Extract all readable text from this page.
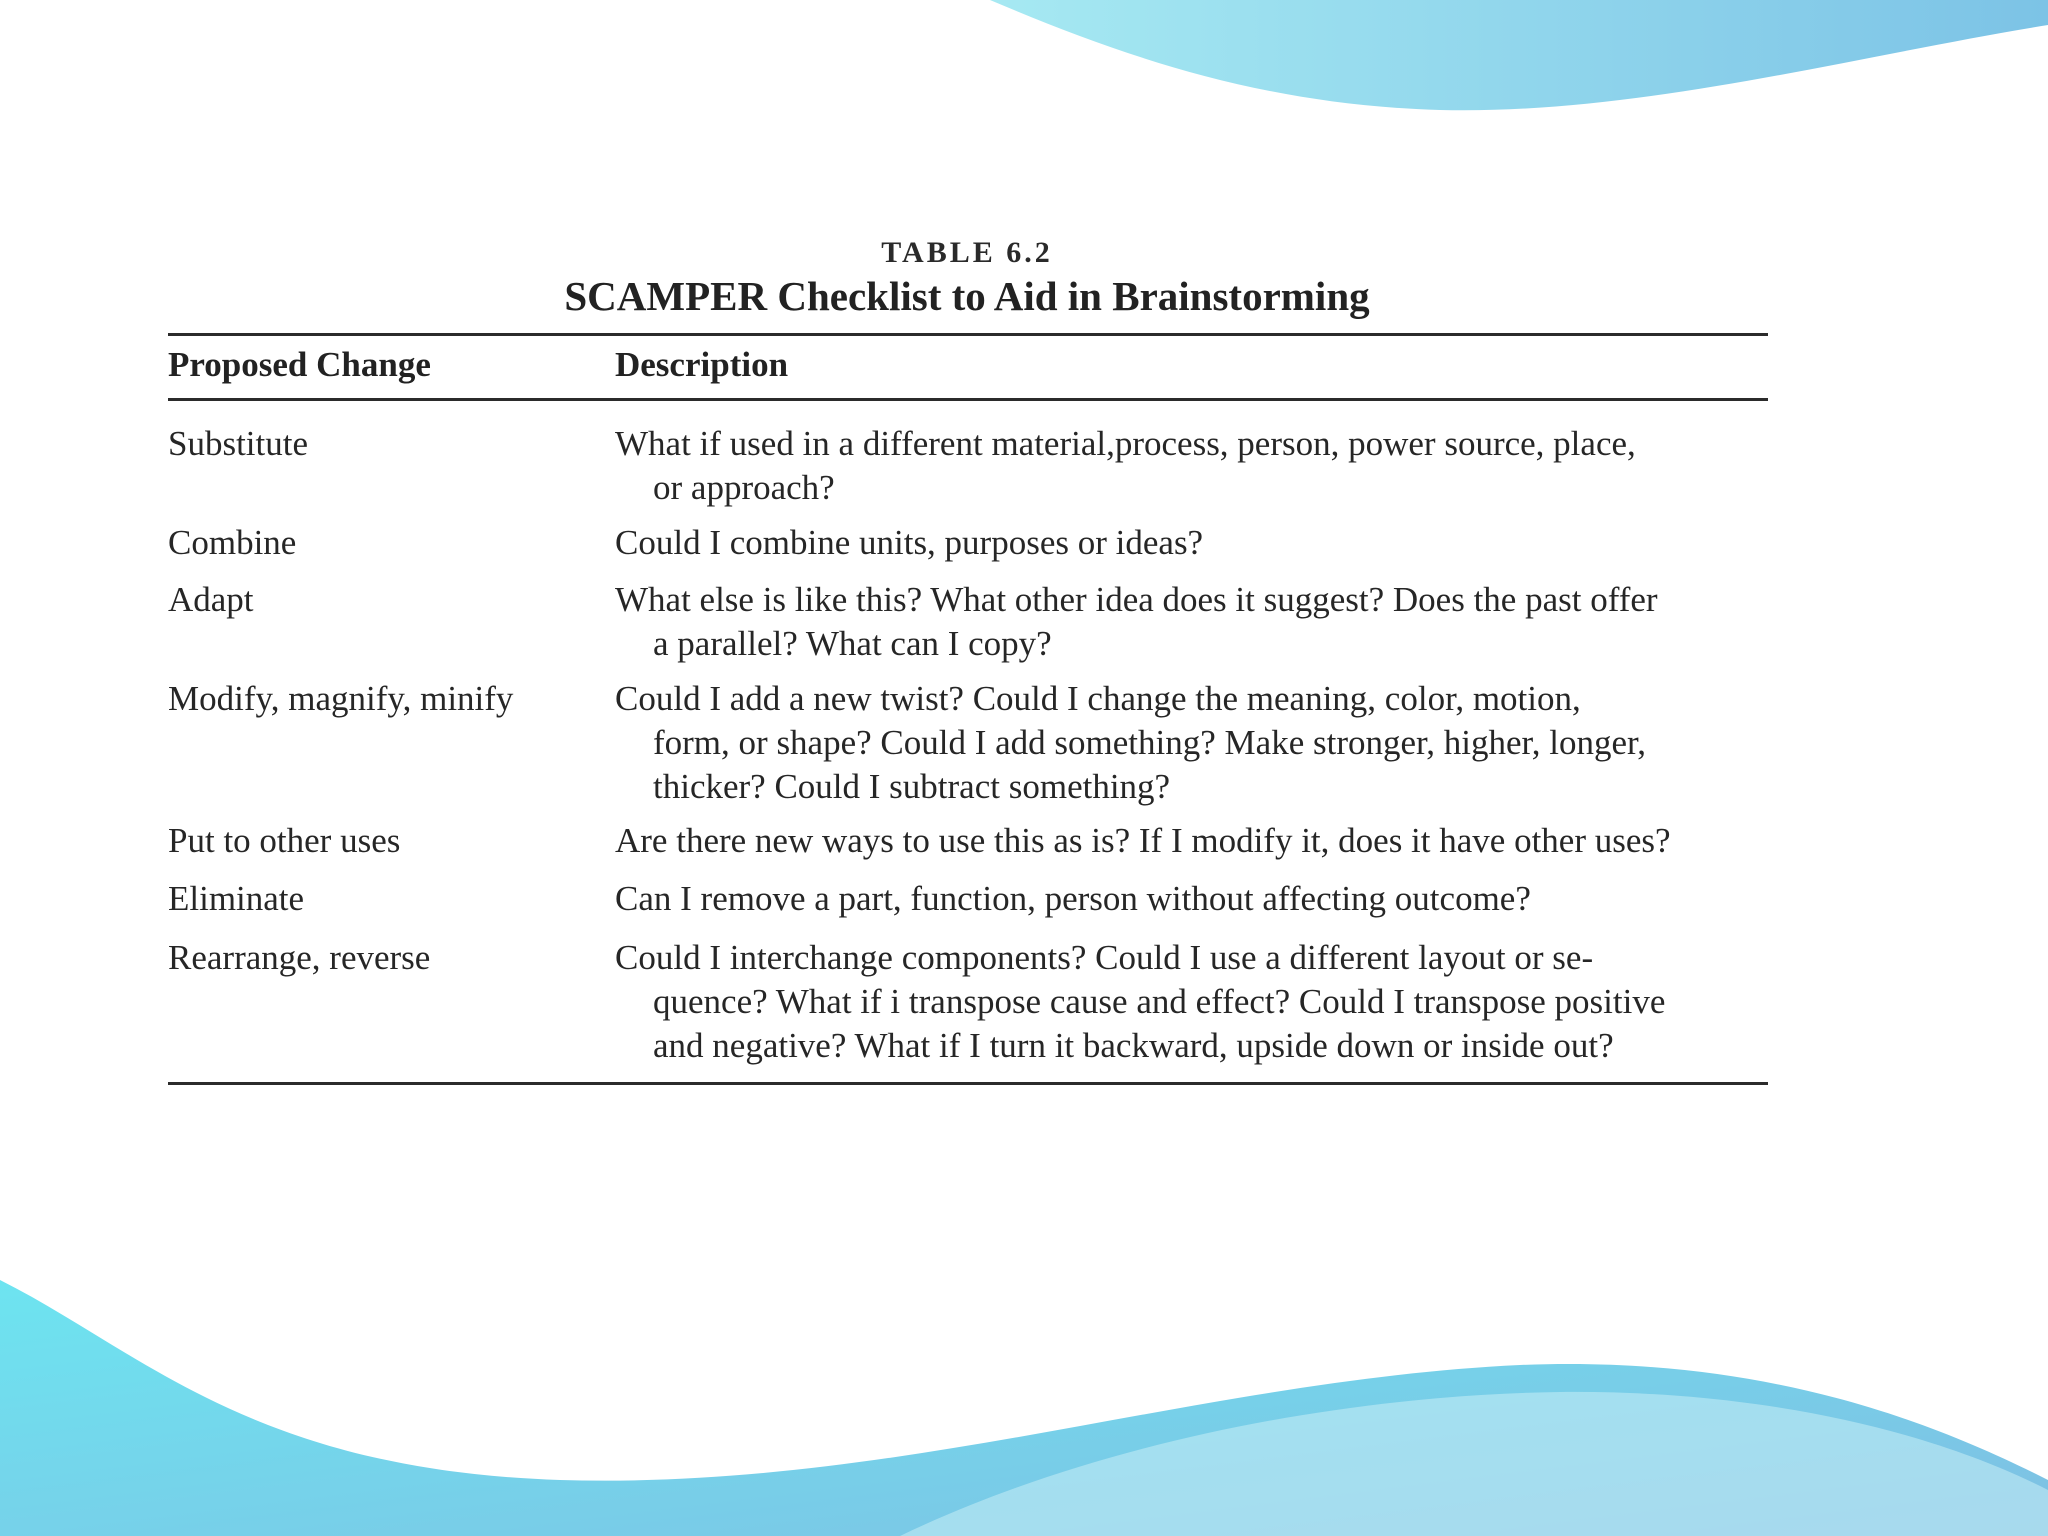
TABLE 6.2
SCAMPER Checklist to Aid in Brainstorming
Proposed Change	Description
Substitute	What if used in a different material,process, person, power source, place,
or approach?
Combine	Could I combine units, purposes or ideas?
Adapt	What else is like this? What other idea does it suggest? Does the past offer
a parallel? What can I copy?
Modify, magnify, minify	Could I add a new twist? Could I change the meaning, color, motion,
form, or shape? Could I add something? Make stronger, higher, longer,
thicker? Could I subtract something?
Put to other uses	Are there new ways to use this as is? If I modify it, does it have other uses?
Eliminate	Can I remove a part, function, person without affecting outcome?
Rearrange, reverse	Could I interchange components? Could I use a different layout or se-
quence? What if i transpose cause and effect? Could I transpose positive
and negative? What if I turn it backward, upside down or inside out?
